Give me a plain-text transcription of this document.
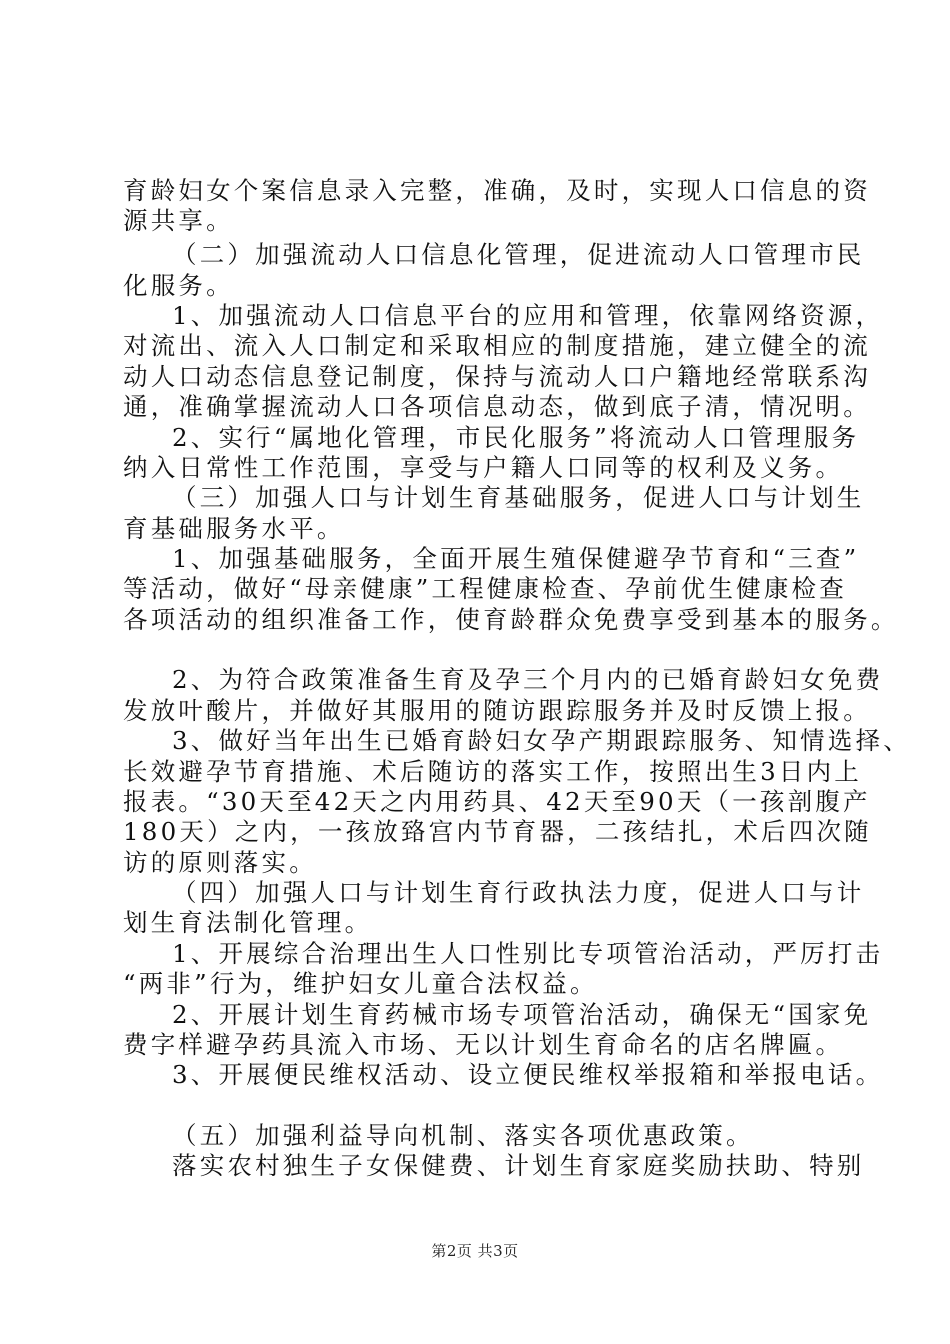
育龄妇女个案信息录入完整，准确，及时，实现人口信息的资
源共享。
（二）加强流动人口信息化管理，促进流动人口管理市民
化服务。
1、加强流动人口信息平台的应用和管理，依靠网络资源，
对流出、流入人口制定和采取相应的制度措施，建立健全的流
动人口动态信息登记制度，保持与流动人口户籍地经常联系沟
通，准确掌握流动人口各项信息动态，做到底子清，情况明。
2、实行“属地化管理，市民化服务”将流动人口管理服务
纳入日常性工作范围，享受与户籍人口同等的权利及义务。
（三）加强人口与计划生育基础服务，促进人口与计划生
育基础服务水平。
1、加强基础服务，全面开展生殖保健避孕节育和“三查”
等活动，做好“母亲健康”工程健康检查、孕前优生健康检查
各项活动的组织准备工作，使育龄群众免费享受到基本的服务。
2、为符合政策准备生育及孕三个月内的已婚育龄妇女免费
发放叶酸片，并做好其服用的随访跟踪服务并及时反馈上报。
3、做好当年出生已婚育龄妇女孕产期跟踪服务、知情选择、
长效避孕节育措施、术后随访的落实工作，按照出生3日内上
报表。“30天至42天之内用药具、42天至90天（一孩剖腹产
180天）之内，一孩放臵宫内节育器，二孩结扎，术后四次随
访的原则落实。
（四）加强人口与计划生育行政执法力度，促进人口与计
划生育法制化管理。
1、开展综合治理出生人口性别比专项管治活动，严厉打击
“两非”行为，维护妇女儿童合法权益。
2、开展计划生育药械市场专项管治活动，确保无“国家免
费字样避孕药具流入市场、无以计划生育命名的店名牌匾。
3、开展便民维权活动、设立便民维权举报箱和举报电话。
（五）加强利益导向机制、落实各项优惠政策。
落实农村独生子女保健费、计划生育家庭奖励扶助、特别
第2页 共3页
